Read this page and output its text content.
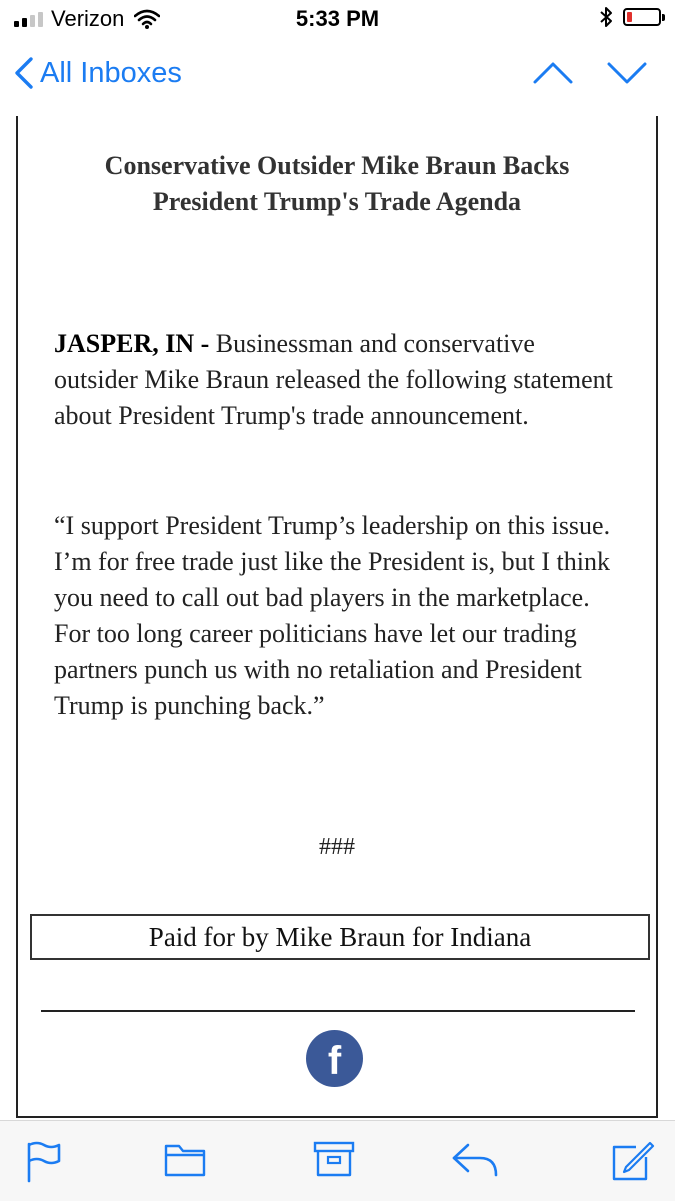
Verizon	5:33 PM
All Inboxes
Conservative Outsider Mike Braun Backs
President Trump's Trade Agenda
JASPER, IN - Businessman and conservative outsider Mike Braun released the following statement about President Trump's trade announcement.
“I support President Trump’s leadership on this issue. I’m for free trade just like the President is, but I think you need to call out bad players in the marketplace. For too long career politicians have let our trading partners punch us with no retaliation and President Trump is punching back.”
###
Paid for by Mike Braun for Indiana
f
